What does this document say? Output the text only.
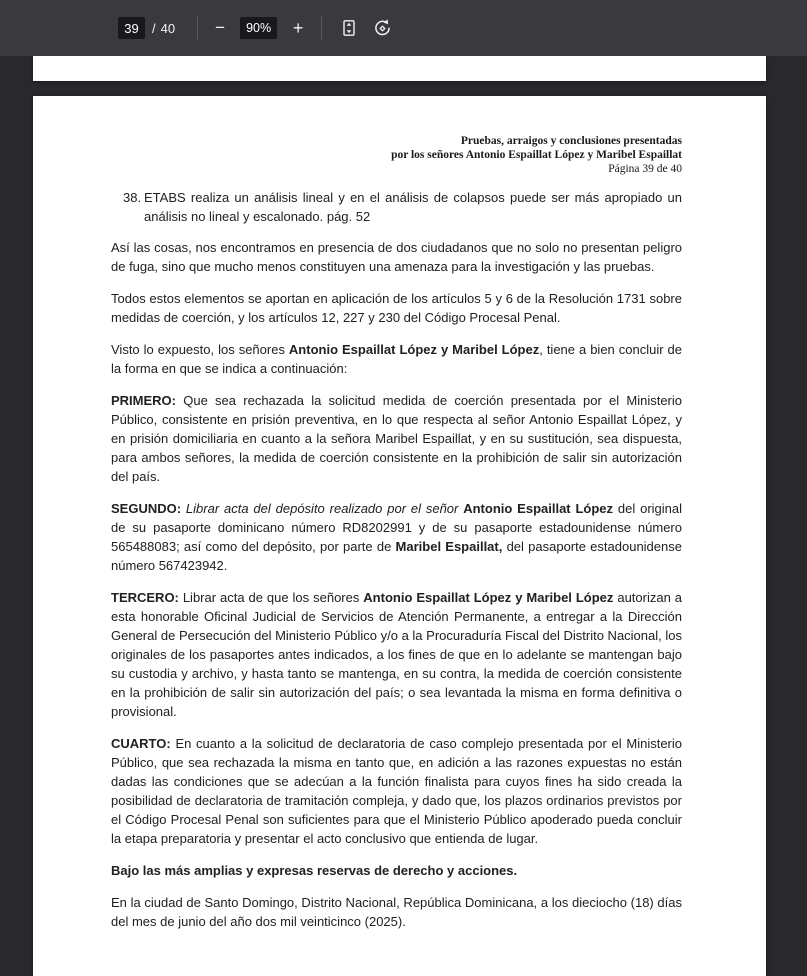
39
/ 40	−	90%	+
Pruebas, arraigos y conclusiones presentadas
por los señores Antonio Espaillat López y Maribel Espaillat
Página 39 de 40

38. ETABS realiza un análisis lineal y en el análisis de colapsos puede ser más apropiado un análisis no lineal y escalonado. pág. 52

Así las cosas, nos encontramos en presencia de dos ciudadanos que no solo no presentan peligro de fuga, sino que mucho menos constituyen una amenaza para la investigación y las pruebas.

Todos estos elementos se aportan en aplicación de los artículos 5 y 6 de la Resolución 1731 sobre medidas de coerción, y los artículos 12, 227 y 230 del Código Procesal Penal.

Visto lo expuesto, los señores Antonio Espaillat López y Maribel López, tiene a bien concluir de la forma en que se indica a continuación:

PRIMERO: Que sea rechazada la solicitud medida de coerción presentada por el Ministerio Público, consistente en prisión preventiva, en lo que respecta al señor Antonio Espaillat López, y en prisión domiciliaria en cuanto a la señora Maribel Espaillat, y en su sustitución, sea dispuesta, para ambos señores, la medida de coerción consistente en la prohibición de salir sin autorización del país.

SEGUNDO: Librar acta del depósito realizado por el señor Antonio Espaillat López del original de su pasaporte dominicano número RD8202991 y de su pasaporte estadounidense número 565488083; así como del depósito, por parte de Maribel Espaillat, del pasaporte estadounidense número 567423942.

TERCERO: Librar acta de que los señores Antonio Espaillat López y Maribel López autorizan a esta honorable Oficinal Judicial de Servicios de Atención Permanente, a entregar a la Dirección General de Persecución del Ministerio Público y/o a la Procuraduría Fiscal del Distrito Nacional, los originales de los pasaportes antes indicados, a los fines de que en lo adelante se mantengan bajo su custodia y archivo, y hasta tanto se mantenga, en su contra, la medida de coerción consistente en la prohibición de salir sin autorización del país; o sea levantada la misma en forma definitiva o provisional.

CUARTO: En cuanto a la solicitud de declaratoria de caso complejo presentada por el Ministerio Público, que sea rechazada la misma en tanto que, en adición a las razones expuestas no están dadas las condiciones que se adecúan a la función finalista para cuyos fines ha sido creada la posibilidad de declaratoria de tramitación compleja, y dado que, los plazos ordinarios previstos por el Código Procesal Penal son suficientes para que el Ministerio Público apoderado pueda concluir la etapa preparatoria y presentar el acto conclusivo que entienda de lugar.

Bajo las más amplias y expresas reservas de derecho y acciones.

En la ciudad de Santo Domingo, Distrito Nacional, República Dominicana, a los dieciocho (18) días del mes de junio del año dos mil veinticinco (2025).
